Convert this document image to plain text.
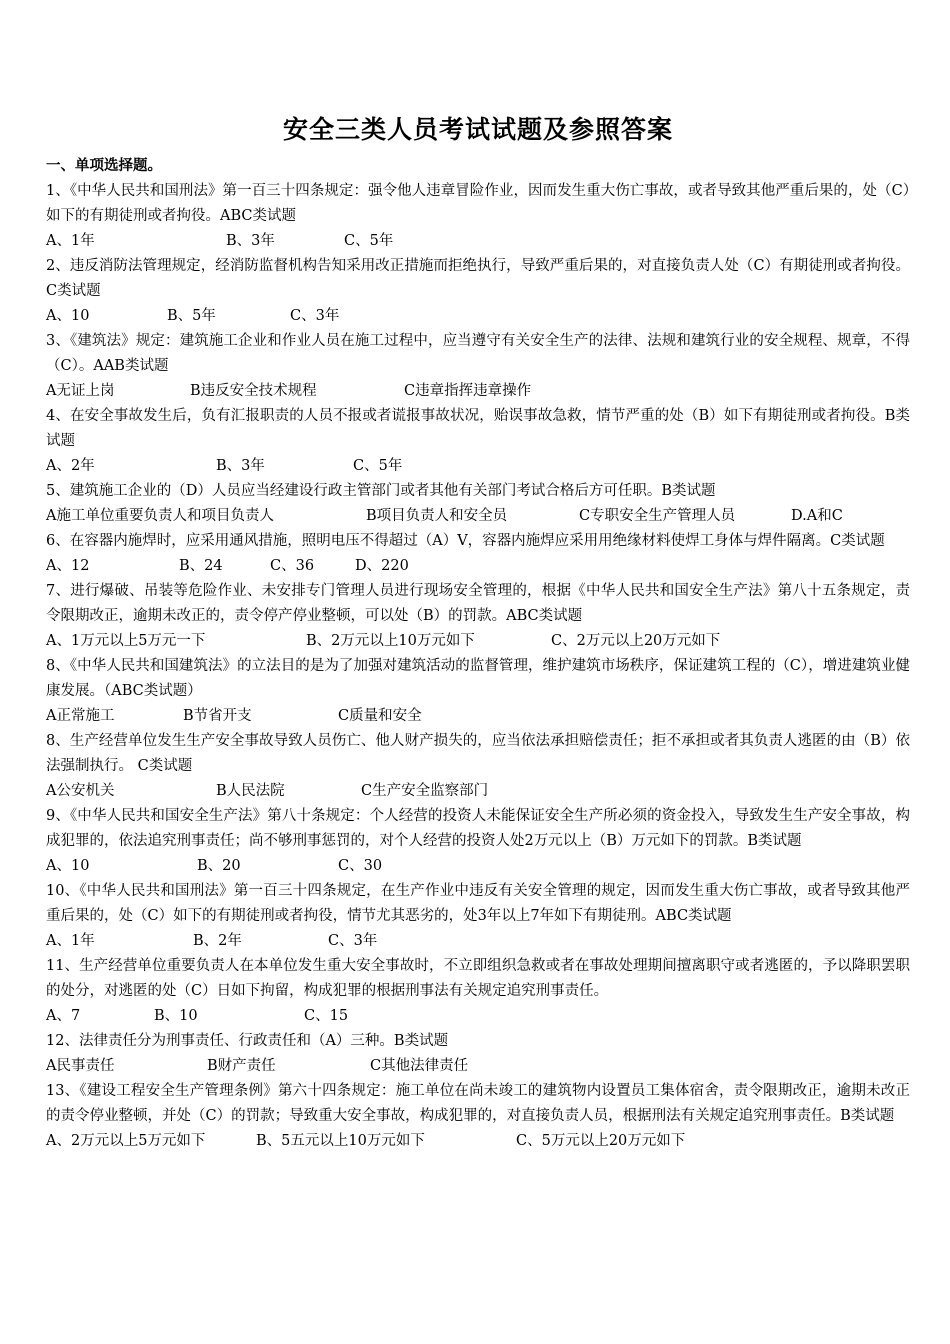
安全三类人员考试试题及参照答案
一、单项选择题。

1、《中华人民共和国刑法》第一百三十四条规定：强令他人违章冒险作业，因而发生重大伤亡事故，或者导致其他严重后果的，处（C）如下的有期徒刑或者拘役。ABC类试题

A、1年	B、3年	C、5年

2、违反消防法管理规定，经消防监督机构告知采用改正措施而拒绝执行，导致严重后果的，对直接负责人处（C）有期徒刑或者拘役。C类试题

A、10	B、5年	C、3年

3、《建筑法》规定：建筑施工企业和作业人员在施工过程中，应当遵守有关安全生产的法律、法规和建筑行业的安全规程、规章，不得（C）。AAB类试题

A无证上岗	B违反安全技术规程	C违章指挥违章操作

4、在安全事故发生后，负有汇报职责的人员不报或者谎报事故状况，贻误事故急救，情节严重的处（B）如下有期徒刑或者拘役。B类试题

A、2年	B、3年	C、5年

5、建筑施工企业的（D）人员应当经建设行政主管部门或者其他有关部门考试合格后方可任职。B类试题

A施工单位重要负责人和项目负责人	B项目负责人和安全员	C专职安全生产管理人员	D.A和C

6、在容器内施焊时，应采用通风措施，照明电压不得超过（A）V，容器内施焊应采用用绝缘材料使焊工身体与焊件隔离。C类试题

A、12	B、24	C、36	D、220

7、进行爆破、吊装等危险作业、未安排专门管理人员进行现场安全管理的，根据《中华人民共和国安全生产法》第八十五条规定，责令限期改正，逾期未改正的，责令停产停业整顿，可以处（B）的罚款。ABC类试题

A、1万元以上5万元一下	B、2万元以上10万元如下	C、2万元以上20万元如下

8、《中华人民共和国建筑法》的立法目的是为了加强对建筑活动的监督管理，维护建筑市场秩序，保证建筑工程的（C），增进建筑业健康发展。（ABC类试题）

A正常施工	B节省开支	C质量和安全

8、生产经营单位发生生产安全事故导致人员伤亡、他人财产损失的，应当依法承担赔偿责任；拒不承担或者其负责人逃匿的由（B）依法强制执行。 C类试题

A公安机关	B人民法院	C生产安全监察部门

9、《中华人民共和国安全生产法》第八十条规定：个人经营的投资人未能保证安全生产所必须的资金投入，导致发生生产安全事故，构成犯罪的，依法追究刑事责任；尚不够刑事惩罚的，对个人经营的投资人处2万元以上（B）万元如下的罚款。B类试题

A、10	B、20	C、30

10、《中华人民共和国刑法》第一百三十四条规定，在生产作业中违反有关安全管理的规定，因而发生重大伤亡事故，或者导致其他严重后果的，处（C）如下的有期徒刑或者拘役，情节尤其恶劣的，处3年以上7年如下有期徒刑。ABC类试题

A、1年	B、2年	C、3年

11、生产经营单位重要负责人在本单位发生重大安全事故时，不立即组织急救或者在事故处理期间擅离职守或者逃匿的，予以降职罢职的处分，对逃匿的处（C）日如下拘留，构成犯罪的根据刑事法有关规定追究刑事责任。

A、7	B、10	C、15

12、法律责任分为刑事责任、行政责任和（A）三种。B类试题

A民事责任	B财产责任	C其他法律责任

13、《建设工程安全生产管理条例》第六十四条规定：施工单位在尚未竣工的建筑物内设置员工集体宿舍，责令限期改正，逾期未改正的责令停业整顿，并处（C）的罚款；导致重大安全事故，构成犯罪的，对直接负责人员，根据刑法有关规定追究刑事责任。B类试题

A、2万元以上5万元如下	B、5五元以上10万元如下	C、5万元以上20万元如下
